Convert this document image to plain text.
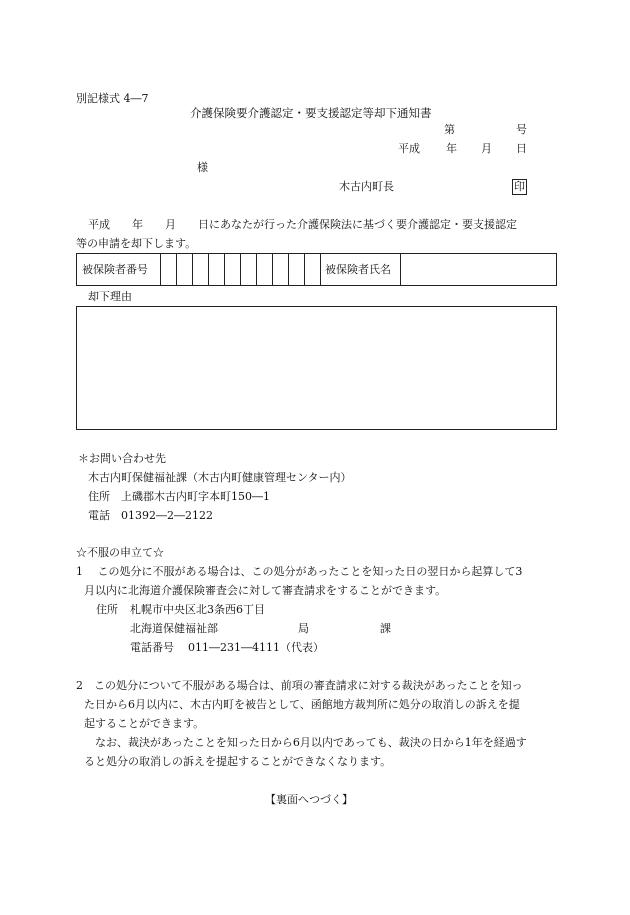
別記様式 4―7
介護保険要介護認定・要支援認定等却下通知書
第	号
平成 年 月 日
様
木古内町長	印
平成　　年　　月　　日にあなたが行った介護保険法に基づく要介護認定・要支援認定
等の申請を却下します。
被保険者番号	被保険者氏名
却下理由
＊お問い合わせ先
木古内町保健福祉課（木古内町健康管理センター内）
住所　上磯郡木古内町字本町150―1
電話　01392―2―2122
☆不服の申立て☆
1　 この処分に不服がある場合は、この処分があったことを知った日の翌日から起算して3
月以内に北海道介護保険審査会に対して審査請求をすることができます。
住所 札幌市中央区北3条西6丁目
北海道保健福祉部	局	課
電話番号 011―231―4111（代表）
2　この処分について不服がある場合は、前項の審査請求に対する裁決があったことを知っ
た日から6月以内に、木古内町を被告として、函館地方裁判所に処分の取消しの訴えを提
起することができます。
　なお、裁決があったことを知った日から6月以内であっても、裁決の日から1年を経過す
ると処分の取消しの訴えを提起することができなくなります。
【裏面へつづく】
